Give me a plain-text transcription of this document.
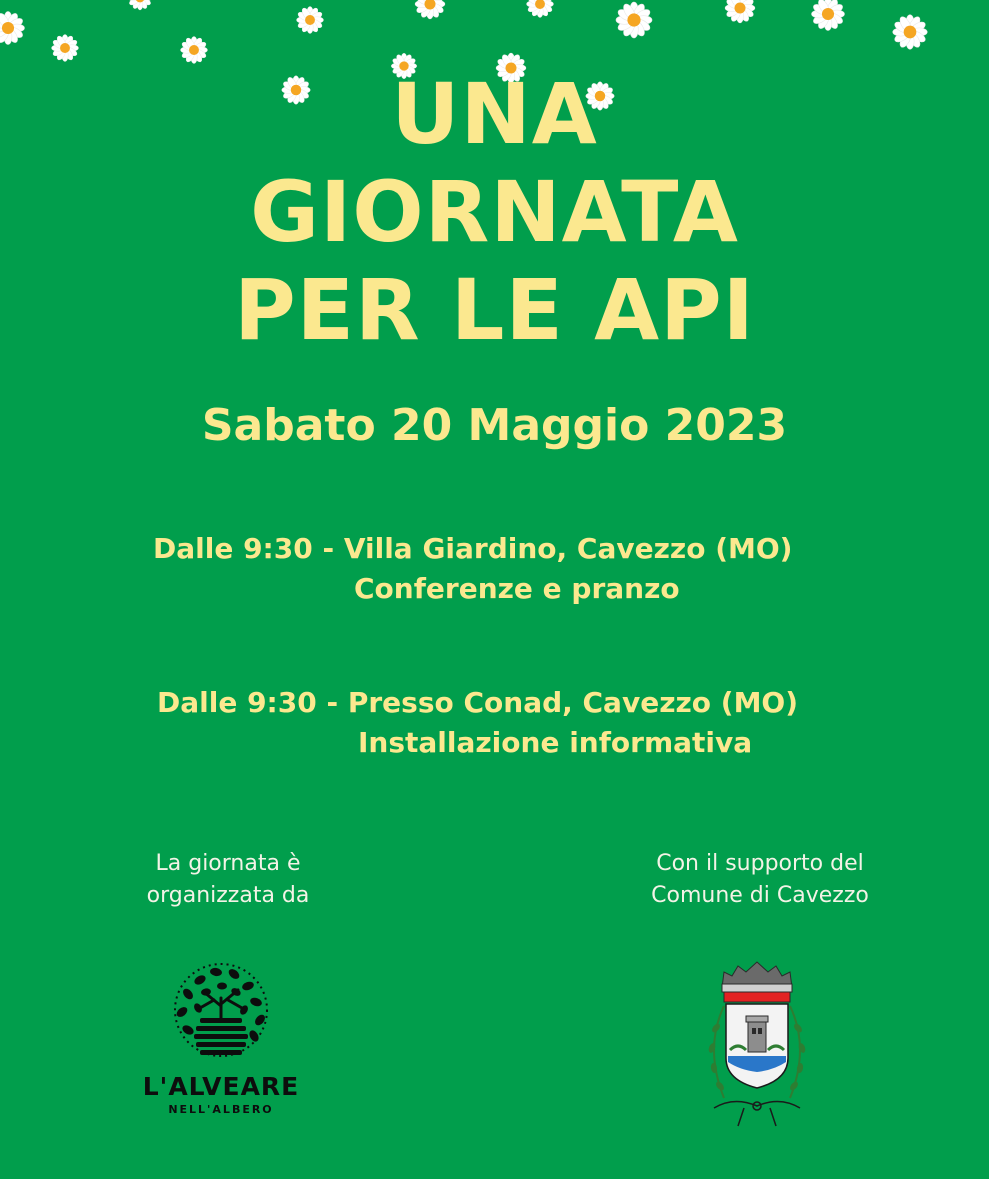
UNA
GIORNATA
PER LE API

Sabato 20 Maggio 2023

Dalle 9:30 - Villa Giardino, Cavezzo (MO)

Conferenze e pranzo

Dalle 9:30 - Presso Conad, Cavezzo (MO)

Installazione informativa

La giornata è
organizzata da
Con il supporto del
Comune di Cavezzo

L'ALVEARE

NELL'ALBERO
